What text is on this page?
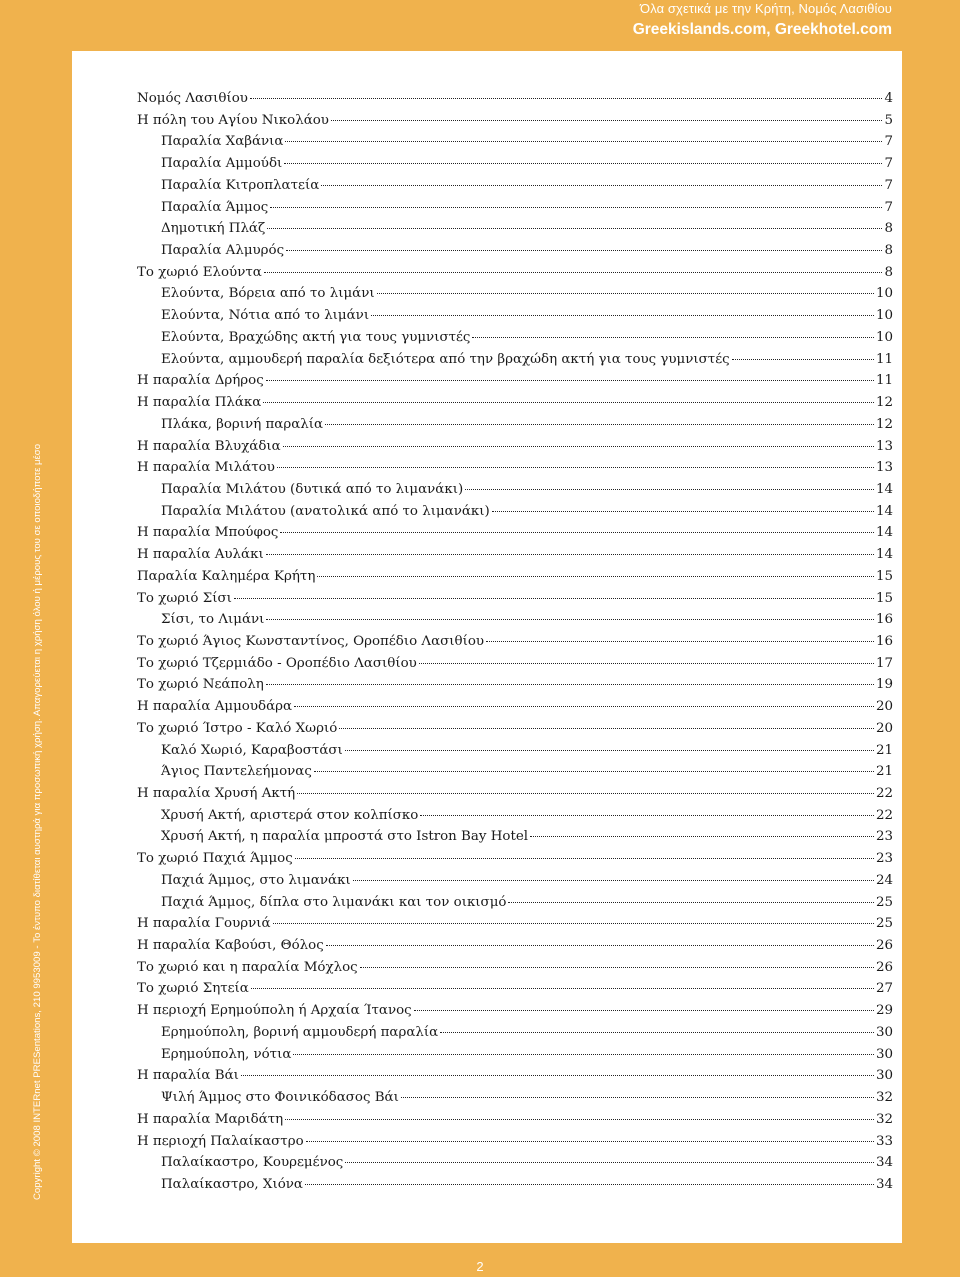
Όλα σχετικά με την Κρήτη, Νομός Λασιθίου
Greekislands.com, Greekhotel.com
Copyright © 2008 INTERnet PRESentations, 210 9953009 - Το έντυπο διατίθεται αυστηρά για προσωπική χρήση. Απαγορεύεται η χρήση όλου ή μέρους του σε οποιοδήποτε μέσο
Νομός Λασιθίου	4
Η πόλη του Αγίου Νικολάου	5
Παραλία Χαβάνια	7
Παραλία Αμμούδι	7
Παραλία Κιτροπλατεία	7
Παραλία Άμμος	7
Δημοτική Πλάζ	8
Παραλία Αλμυρός	8
Το χωριό Ελούντα	8
Ελούντα, Βόρεια από το λιμάνι	10
Ελούντα, Νότια από το λιμάνι	10
Ελούντα, Βραχώδης ακτή για τους γυμνιστές	10
Ελούντα, αμμουδερή παραλία δεξιότερα από την βραχώδη ακτή για τους γυμνιστές	11
Η παραλία Δρήρος	11
Η παραλία Πλάκα	12
Πλάκα, βορινή παραλία	12
Η παραλία Βλυχάδια	13
Η παραλία Μιλάτου	13
Παραλία Μιλάτου (δυτικά από το λιμανάκι)	14
Παραλία Μιλάτου (ανατολικά από το λιμανάκι)	14
Η παραλία Μπούφος	14
Η παραλία Αυλάκι	14
Παραλία Καλημέρα Κρήτη	15
Το χωριό Σίσι	15
Σίσι, το Λιμάνι	16
Το χωριό Άγιος Κωνσταντίνος, Οροπέδιο Λασιθίου	16
Το χωριό Τζερμιάδο - Οροπέδιο Λασιθίου	17
Το χωριό Νεάπολη	19
Η παραλία Αμμουδάρα	20
Το χωριό Ίστρο - Καλό Χωριό	20
Καλό Χωριό, Καραβοστάσι	21
Άγιος Παντελεήμονας	21
Η παραλία Χρυσή Ακτή	22
Χρυσή Ακτή, αριστερά στον κολπίσκο	22
Χρυσή Ακτή, η παραλία μπροστά στο Istron Bay Hotel	23
Το χωριό Παχιά Άμμος	23
Παχιά Άμμος, στο λιμανάκι	24
Παχιά Άμμος, δίπλα στο λιμανάκι και τον οικισμό	25
Η παραλία Γουρνιά	25
Η παραλία Καβούσι, Θόλος	26
Το χωριό και η παραλία Μόχλος	26
Το χωριό Σητεία	27
Η περιοχή Ερημούπολη ή Αρχαία Ίτανος	29
Ερημούπολη, βορινή αμμουδερή παραλία	30
Ερημούπολη, νότια	30
Η παραλία Βάι	30
Ψιλή Άμμος στο Φοινικόδασος Βάι	32
Η παραλία Μαριδάτη	32
Η περιοχή Παλαίκαστρο	33
Παλαίκαστρο, Κουρεμένος	34
Παλαίκαστρο, Χιόνα	34
2
